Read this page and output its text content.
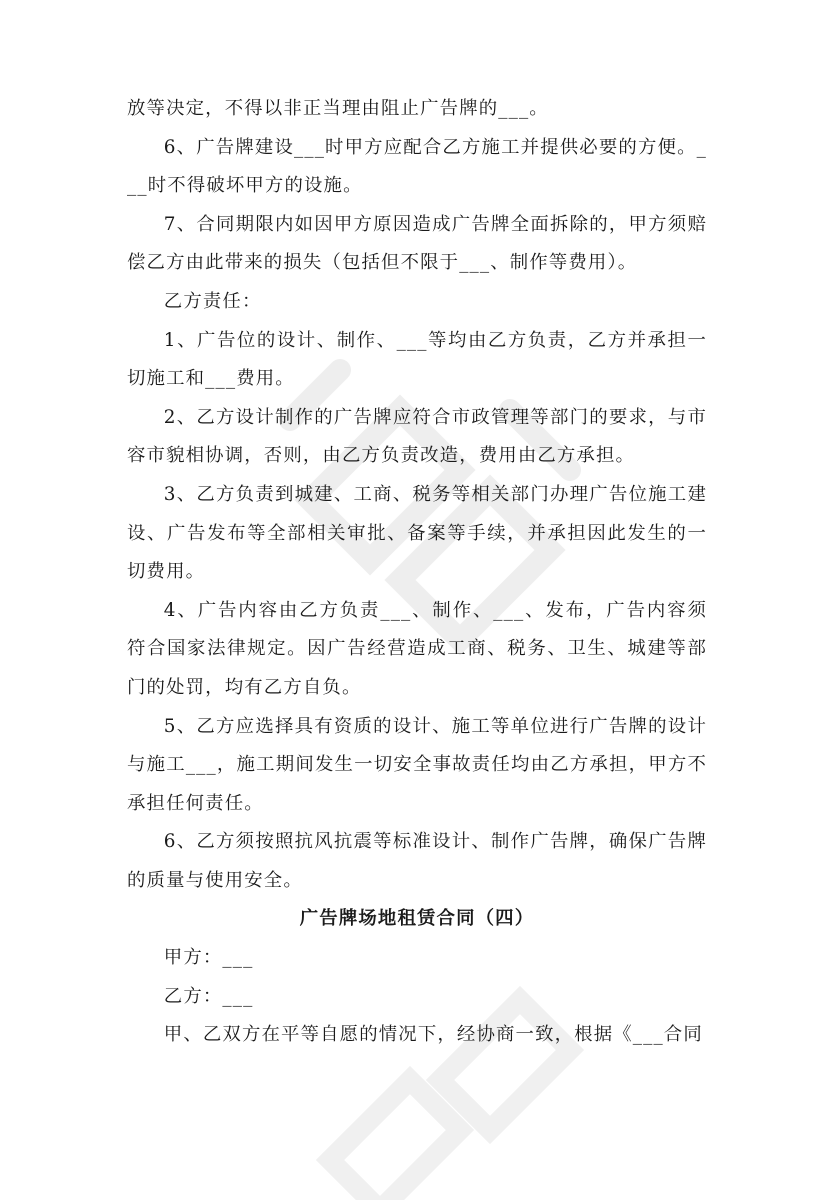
放等决定，不得以非正当理由阻止广告牌的___。

6、广告牌建设___时甲方应配合乙方施工并提供必要的方便。___时不得破坏甲方的设施。

7、合同期限内如因甲方原因造成广告牌全面拆除的，甲方须赔偿乙方由此带来的损失（包括但不限于___、制作等费用）。

乙方责任：

1、广告位的设计、制作、___等均由乙方负责，乙方并承担一切施工和___费用。

2、乙方设计制作的广告牌应符合市政管理等部门的要求，与市容市貌相协调，否则，由乙方负责改造，费用由乙方承担。

3、乙方负责到城建、工商、税务等相关部门办理广告位施工建设、广告发布等全部相关审批、备案等手续，并承担因此发生的一切费用。

4、广告内容由乙方负责___、制作、___、发布，广告内容须符合国家法律规定。因广告经营造成工商、税务、卫生、城建等部门的处罚，均有乙方自负。

5、乙方应选择具有资质的设计、施工等单位进行广告牌的设计与施工___，施工期间发生一切安全事故责任均由乙方承担，甲方不承担任何责任。

6、乙方须按照抗风抗震等标准设计、制作广告牌，确保广告牌的质量与使用安全。

广告牌场地租赁合同（四）

甲方：___

乙方：___

甲、乙双方在平等自愿的情况下，经协商一致，根据《___合同
